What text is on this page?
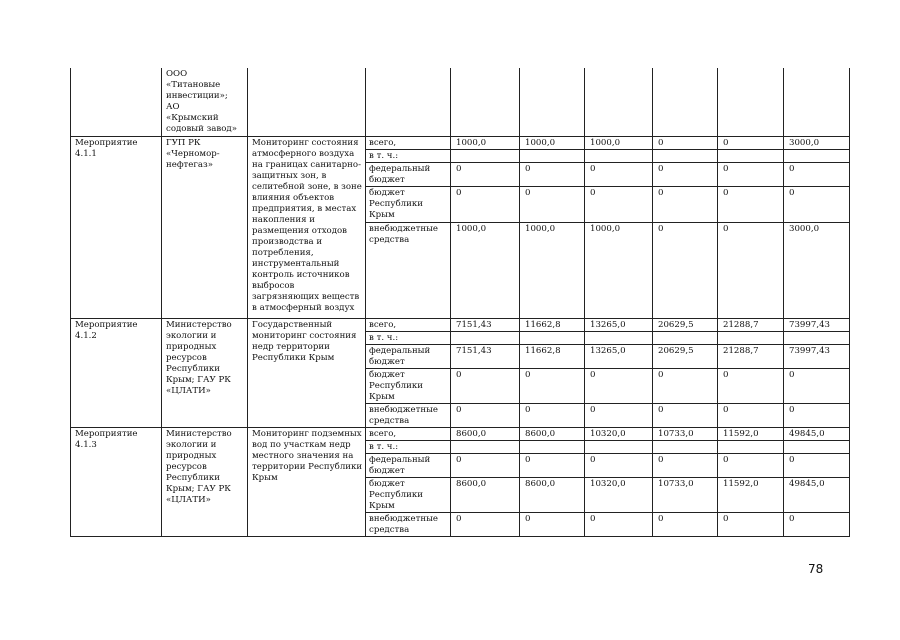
	ООО
«Титановые инвестиции»;
АО
«Крымский содовый завод»								
Мероприятие 4.1.1	ГУП РК «Черномор-нефтегаз»	Мониторинг состояния атмосферного воздуха на границах санитарно-защитных зон, в селитебной зоне, в зоне влияния объектов предприятия, в местах накопления и размещения отходов производства и потребления, инструментальный контроль источников выбросов загрязняющих веществ в атмосферный воздух	всего,	1000,0	1000,0	1000,0	0	0	3000,0
			в т. ч.:						
			федеральный бюджет	0	0	0	0	0	0
			бюджет Республики Крым	0	0	0	0	0	0
			внебюджетные средства	1000,0	1000,0	1000,0	0	0	3000,0
Мероприятие 4.1.2	Министерство экологии и природных ресурсов Республики Крым; ГАУ РК «ЦЛАТИ»	Государственный мониторинг состояния недр территории Республики Крым	всего,	7151,43	11662,8	13265,0	20629,5	21288,7	73997,43
			в т. ч.:						
			федеральный бюджет	7151,43	11662,8	13265,0	20629,5	21288,7	73997,43
			бюджет Республики Крым	0	0	0	0	0	0
			внебюджетные средства	0	0	0	0	0	0
Мероприятие 4.1.3	Министерство экологии и природных ресурсов Республики Крым; ГАУ РК «ЦЛАТИ»	Мониторинг подземных вод по участкам недр местного значения на территории Республики Крым	всего,	8600,0	8600,0	10320,0	10733,0	11592,0	49845,0
			в т. ч.:						
			федеральный бюджет	0	0	0	0	0	0
			бюджет Республики Крым	8600,0	8600,0	10320,0	10733,0	11592,0	49845,0
			внебюджетные средства	0	0	0	0	0	0
78
